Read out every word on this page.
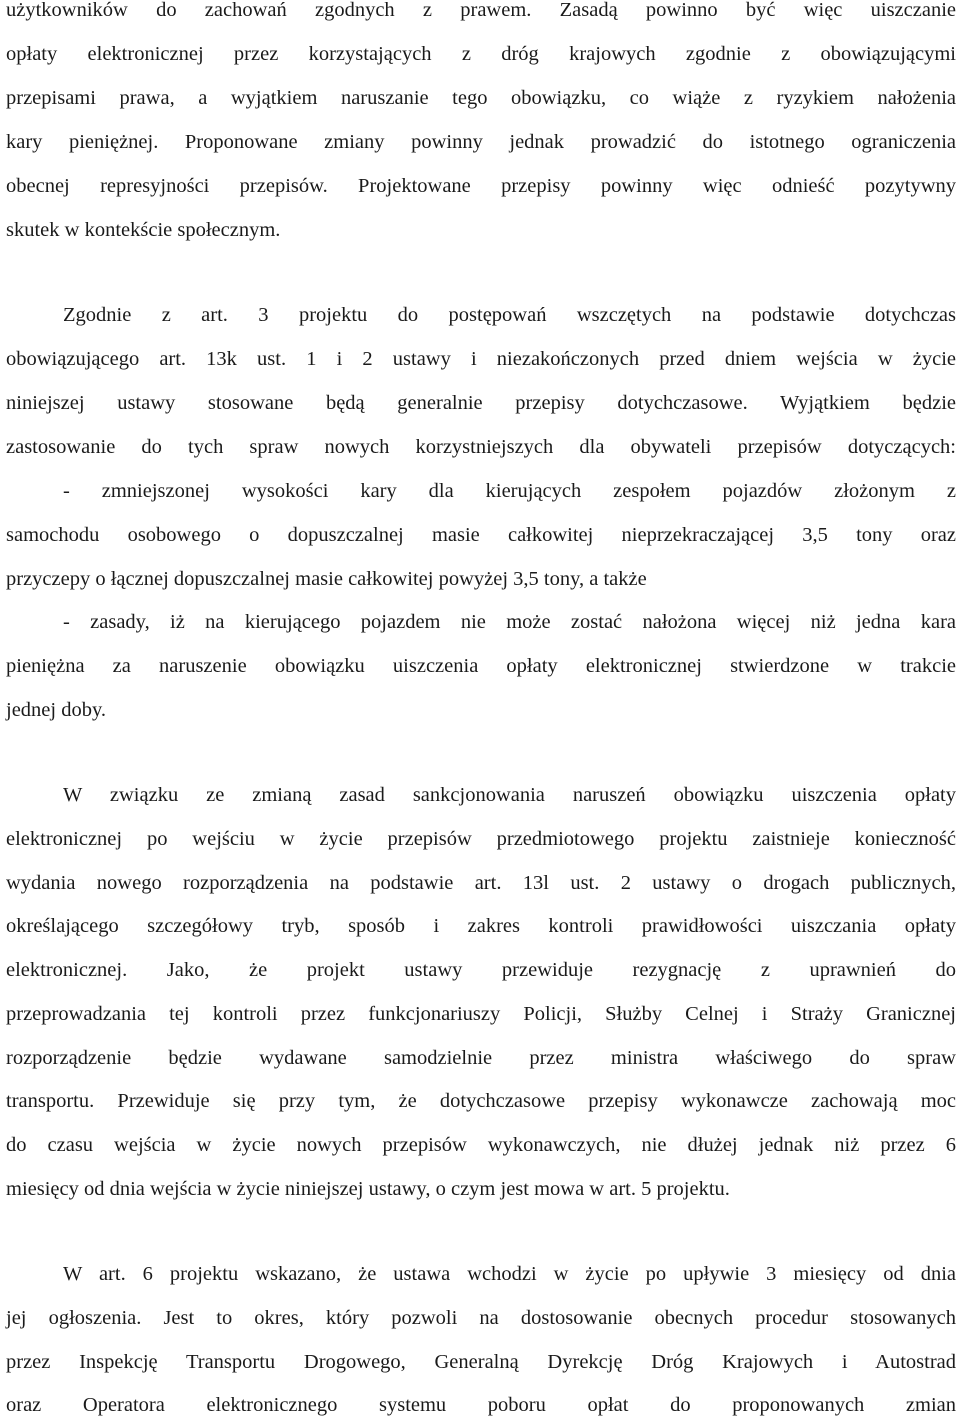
użytkowników do zachowań zgodnych z prawem. Zasadą powinno być więc uiszczanie
opłaty elektronicznej przez korzystających z dróg krajowych zgodnie z obowiązującymi
przepisami prawa, a wyjątkiem naruszanie tego obowiązku, co wiąże z ryzykiem nałożenia
kary pieniężnej. Proponowane zmiany powinny jednak prowadzić do istotnego ograniczenia
obecnej represyjności przepisów. Projektowane przepisy powinny więc odnieść pozytywny
skutek w kontekście społecznym.
Zgodnie z art. 3 projektu do postępowań wszczętych na podstawie dotychczas
obowiązującego art. 13k ust. 1 i 2 ustawy i niezakończonych przed dniem wejścia w życie
niniejszej ustawy stosowane będą generalnie przepisy dotychczasowe. Wyjątkiem będzie
zastosowanie do tych spraw nowych korzystniejszych dla obywateli przepisów dotyczących:
- zmniejszonej wysokości kary dla kierujących zespołem pojazdów złożonym z
samochodu osobowego o dopuszczalnej masie całkowitej nieprzekraczającej 3,5 tony oraz
przyczepy o łącznej dopuszczalnej masie całkowitej powyżej 3,5 tony, a także
- zasady, iż na kierującego pojazdem nie może zostać nałożona więcej niż jedna kara
pieniężna za naruszenie obowiązku uiszczenia opłaty elektronicznej stwierdzone w trakcie
jednej doby.
W związku ze zmianą zasad sankcjonowania naruszeń obowiązku uiszczenia opłaty
elektronicznej po wejściu w życie przepisów przedmiotowego projektu zaistnieje konieczność
wydania nowego rozporządzenia na podstawie art. 13l ust. 2 ustawy o drogach publicznych,
określającego szczegółowy tryb, sposób i zakres kontroli prawidłowości uiszczania opłaty
elektronicznej. Jako, że projekt ustawy przewiduje rezygnację z uprawnień do
przeprowadzania tej kontroli przez funkcjonariuszy Policji, Służby Celnej i Straży Granicznej
rozporządzenie będzie wydawane samodzielnie przez ministra właściwego do spraw
transportu. Przewiduje się przy tym, że dotychczasowe przepisy wykonawcze zachowają moc
do czasu wejścia w życie nowych przepisów wykonawczych, nie dłużej jednak niż przez 6
miesięcy od dnia wejścia w życie niniejszej ustawy, o czym jest mowa w art. 5 projektu.
W art. 6 projektu wskazano, że ustawa wchodzi w życie po upływie 3 miesięcy od dnia
jej ogłoszenia. Jest to okres, który pozwoli na dostosowanie obecnych procedur stosowanych
przez Inspekcję Transportu Drogowego, Generalną Dyrekcję Dróg Krajowych i Autostrad
oraz Operatora elektronicznego systemu poboru opłat do proponowanych zmian
